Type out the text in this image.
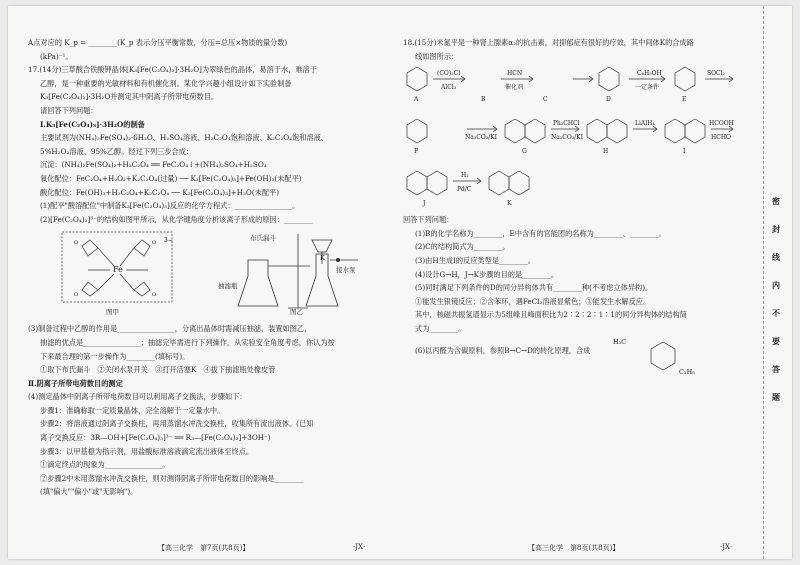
A点对应的 K_p = ________(K_p 表示分压平衡常数，分压=总压×物质的量分数)
(kPa)⁻¹。
17.(14分)三草酸合铁酸钾晶体[K₃[Fe(C₂O₄)₃]·3H₂O]为翠绿色的晶体，易溶于水，难溶于
乙醇，是一种重要的光敏材料和有机催化剂。某化学兴趣小组设计如下实验制备
K₃[Fe(C₂O₄)₃]·3H₂O并测定其中阴离子所带电荷数目。
请回答下列问题：
Ⅰ.K₃[Fe(C₂O₄)₃]·3H₂O的制备
主要试剂为(NH₄)₂Fe(SO₄)₂·6H₂O、H₂SO₄溶液、H₂C₂O₄饱和溶液、K₂C₂O₄饱和溶液、
5%H₂O₂溶液、95%乙醇。经过下列三步合成：
沉淀：(NH₄)₂Fe(SO₄)₂+H₂C₂O₄ ══ FeC₂O₄↓+(NH₄)₂SO₄+H₂SO₄
氧化配位：FeC₂O₄+H₂O₂+K₂C₂O₄(过量) ── K₃[Fe(C₂O₄)₃]+Fe(OH)₃(未配平)
酸化配位：Fe(OH)₃+H₂C₂O₄+K₂C₂O₄ ── K₃[Fe(C₂O₄)₃]+H₂O(未配平)
(1)配平"酸溶配位"中制备K₃[Fe(C₂O₄)₃]反应的化学方程式：________________。
(2)[Fe(C₂O₄)₃]³⁻的结构如图甲所示，从化学键角度分析该离子形成的原因：________
Fe
O	O
O	O
3−
图甲
布氏漏斗
K
抽滤瓶
接水泵
图乙
(3)制备过程中乙醇的作用是________________，分离出晶体时需减压抽滤，装置如图乙，
抽滤的优点是________________；抽滤完毕需进行下列操作，从实验安全角度考虑，你认为按
下来最合理的第一步操作为________(填标号)。
①取下布氏漏斗　②关闭水泵开关　③打开活塞K　④拔下抽滤瓶处橡皮管
Ⅱ.阴离子所带电荷数目的测定
(4)测定晶体中阴离子所带电荷数目可以利用离子交换法，步骤如下：
步骤1：准确称取一定质量晶体，完全溶解于一定量水中。
步骤2：将溶液通过阴离子交换柱，再用蒸馏水冲洗交换柱，收集所有流出液体。(已知
离子交换反应：3R—OH+[Fe(C₂O₄)₃]³⁻ ══ R₃—[Fe(C₂O₄)₃]+3OH⁻)
步骤3：以甲基橙为指示剂，用盐酸标准溶液滴定流出液体至终点。
①滴定终点的现象为________________。
②步骤2中未用蒸馏水冲洗交换柱，则对测得阴离子所带电荷数目的影响是________
(填"偏大""偏小"或"无影响")。
【高三化学　第7页(共8页)】	·JX·
18.(15分)米氮平是一种肾上腺素α₂的抗击素，对抑郁症有很好的疗效，其中间体K的合成路
线如图所示：
A	B	C	D	E
F	G	H	I
J	K
(CO)₂Cl
AlCl₃
HCN
催化剂
C₆H₅OH
一定条件
SOCl₂
Na₂CO₃/KI
Ph₂CHCl
Na₂CO₃/KI
LiAlH₄	HCOOH
HCHO
H₂
Pd/C
回答下列问题：
(1)B的化学名称为________，E中含有的官能团的名称为________、________。
(2)C的结构简式为________。
(3)由H生成I的反应类型是________。
(4)设计G→H，J→K步骤的目的是________。
(5)同时满足下列条件的D的同分异构体共有________种(不考虑立体异构)。
①能发生银镜反应；②含苯环，遇FeCl₃溶液显紫色；③能发生水解反应。
其中，核磁共振氢谱显示为5组峰且峰面积比为2∶2∶2∶1∶1的同分异构体的结构简
式为________。
(6)以丙醛为含碳原料，参照B→C→D的转化原理，合成
H₃C
C₂H₅
【高三化学　第8页(共8页)】	·JX·
密
封
线
内
不
要
答
题
